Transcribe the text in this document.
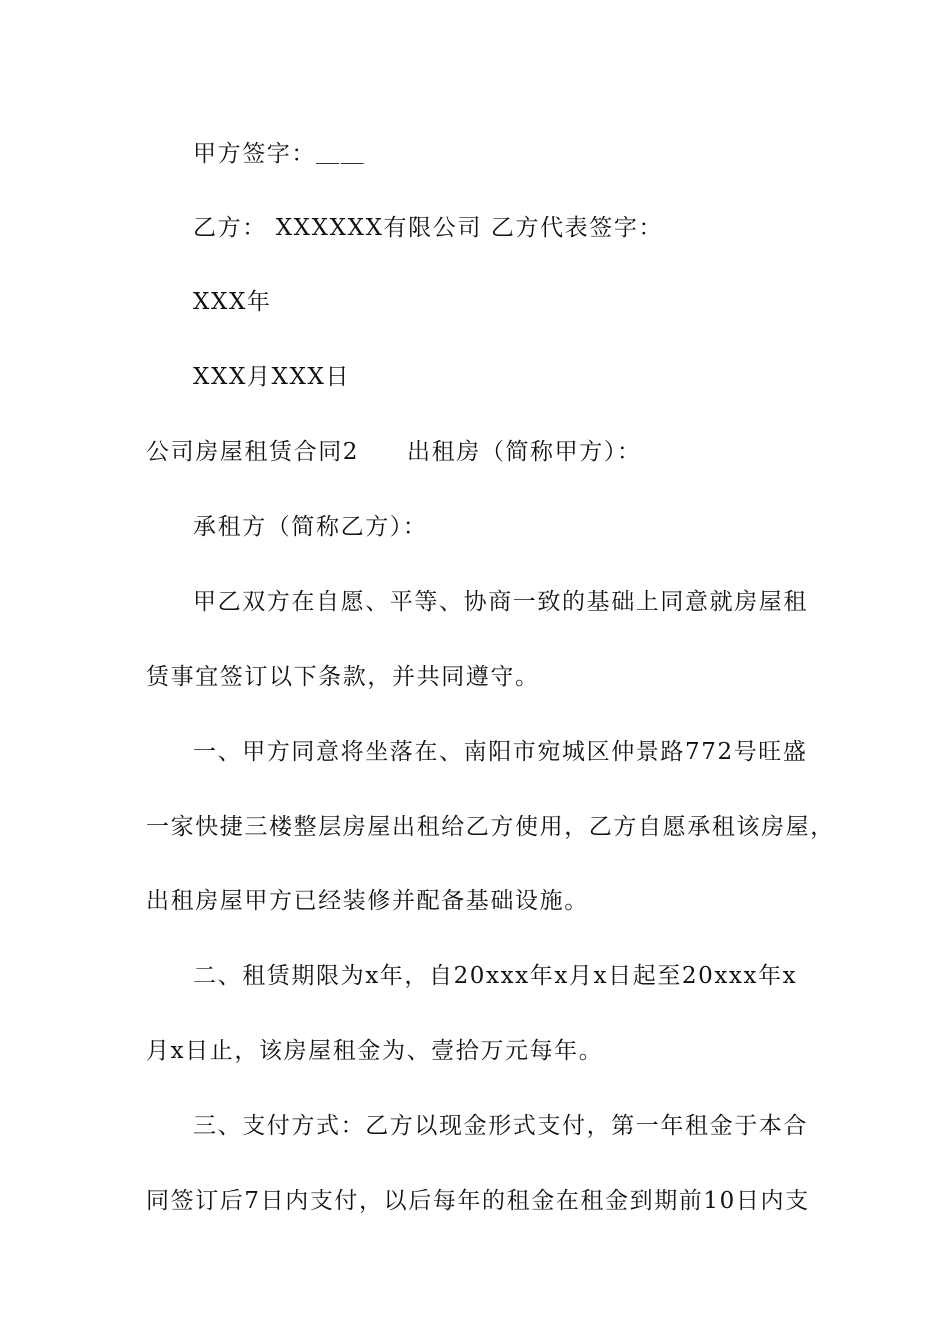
甲方签字：＿＿
乙方： XXXXXX有限公司 乙方代表签字：
XXX年
XXX月XXX日
公司房屋租赁合同2 出租房（简称甲方）：
承租方（简称乙方）：
甲乙双方在自愿、平等、协商一致的基础上同意就房屋租
赁事宜签订以下条款，并共同遵守。
一、甲方同意将坐落在、南阳市宛城区仲景路772号旺盛
一家快捷三楼整层房屋出租给乙方使用，乙方自愿承租该房屋，
出租房屋甲方已经装修并配备基础设施。
二、租赁期限为x年，自20xxx年x月x日起至20xxx年x
月x日止，该房屋租金为、壹拾万元每年。
三、支付方式：乙方以现金形式支付，第一年租金于本合
同签订后7日内支付，以后每年的租金在租金到期前10日内支
